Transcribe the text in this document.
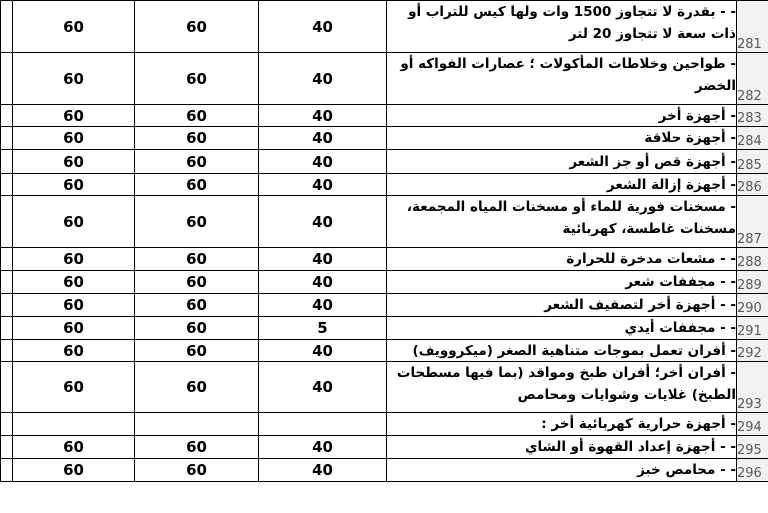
	60	60	40	- - بقدرة لا تتجاوز 1500 وات ولها كيس للتراب أو ذات سعة لا تتجاوز 20 لتر	281
	60	60	40	- طواحين وخلاطات المأكولات ؛ عصارات الفواكه أو الخضر	282
	60	60	40	- أجهزة أخر	283
	60	60	40	- أجهزة حلاقة	284
	60	60	40	- أجهزة قص أو جز الشعر	285
	60	60	40	- أجهزة إزالة الشعر	286
	60	60	40	- مسخنات فورية للماء أو مسخنات المياه المجمعة، مسخنات غاطسة، كهربائية	287
	60	60	40	- - مشعات مدخرة للحرارة	288
	60	60	40	- - مجففات شعر	289
	60	60	40	- - أجهزة أخر لتصفيف الشعر	290
	60	60	5	- - مجففات أيدي	291
	60	60	40	- أفران تعمل بموجات متناهية الصغر (ميكروويف)	292
	60	60	40	- أفران أخر؛ أفران طبخ ومواقد (بما فيها مسطحات الطبخ) غلايات وشوايات ومحامص	293
				- أجهزة حرارية كهربائية أخر :	294
	60	60	40	- - أجهزة إعداد القهوة أو الشاي	295
	60	60	40	- - محامص خبز	296
